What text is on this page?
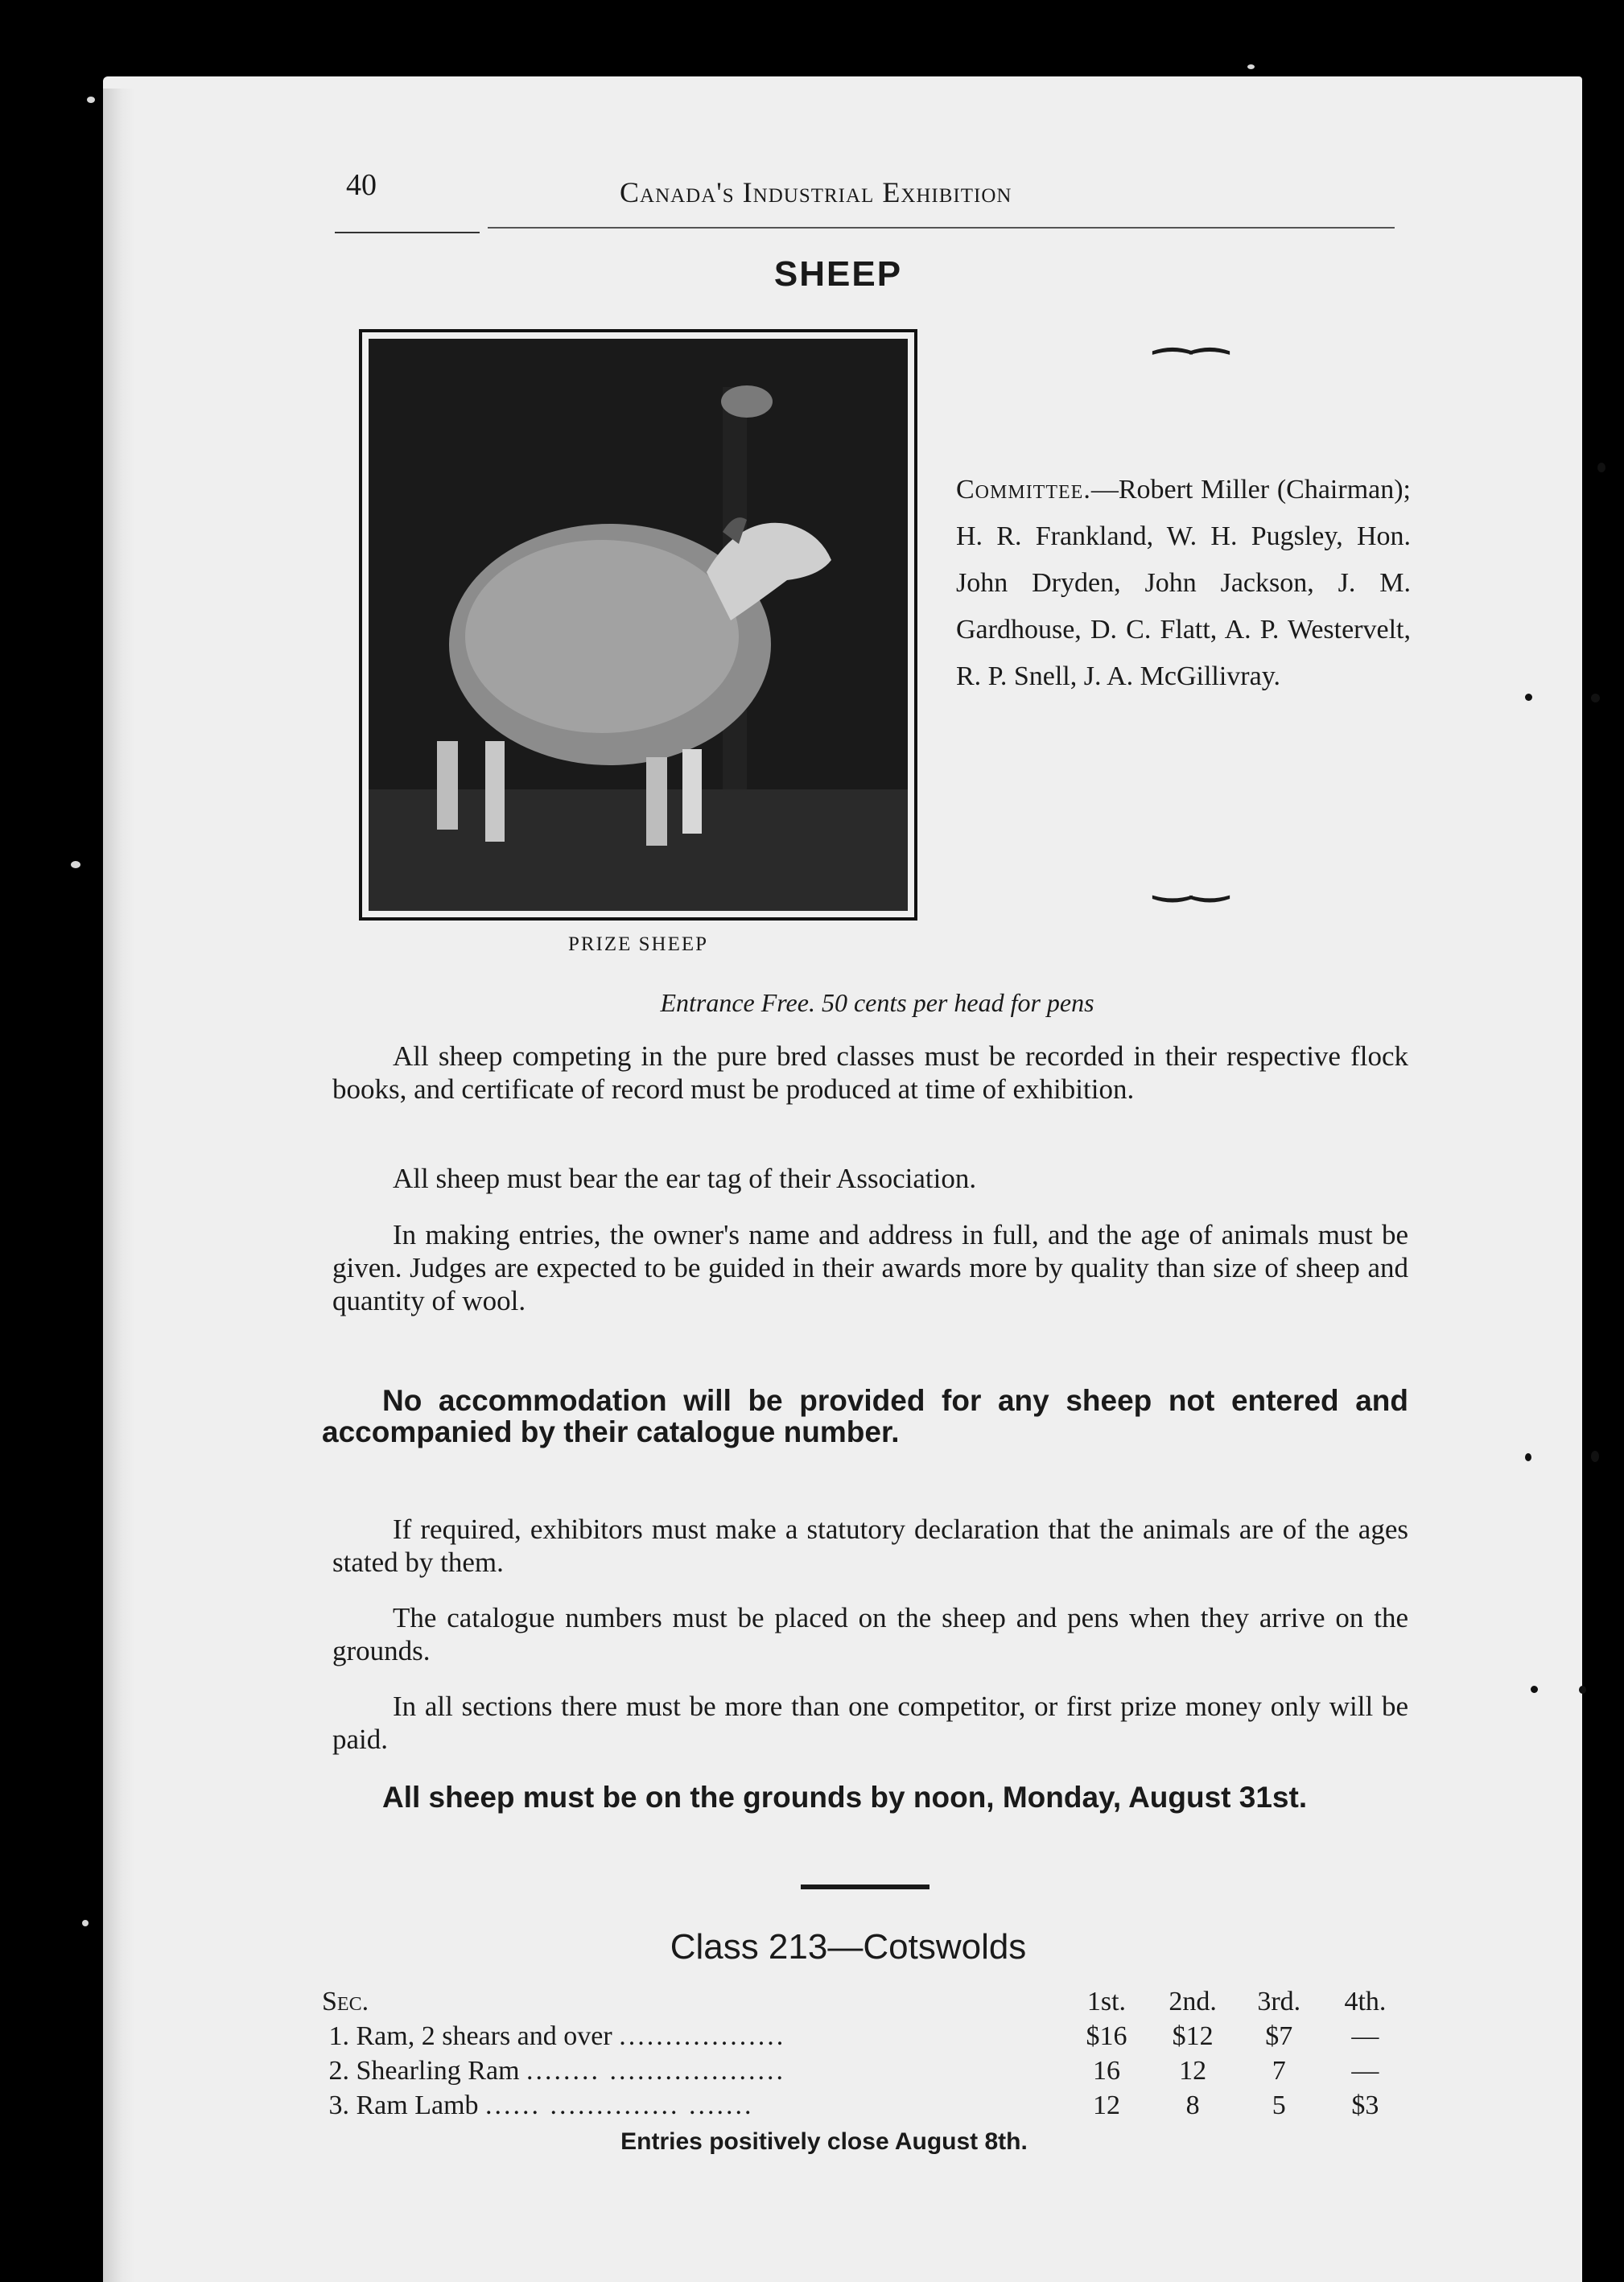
40	Canada's Industrial Exhibition
SHEEP
PRIZE SHEEP
⁀⁀
‿‿
Committee.—Robert Miller (Chairman); H. R. Frankland, W. H. Pugsley, Hon. John Dryden, John Jackson, J. M. Gardhouse, D. C. Flatt, A. P. Westervelt, R. P. Snell, J. A. McGillivray.
Entrance Free. 50 cents per head for pens
All sheep competing in the pure bred classes must be recorded in their respective flock books, and certificate of record must be produced at time of exhibition.
All sheep must bear the ear tag of their Association.
In making entries, the owner's name and address in full, and the age of animals must be given. Judges are expected to be guided in their awards more by quality than size of sheep and quantity of wool.
No accommodation will be provided for any sheep not entered and accompanied by their catalogue number.
If required, exhibitors must make a statutory declaration that the animals are of the ages stated by them.
The catalogue numbers must be placed on the sheep and pens when they arrive on the grounds.
In all sections there must be more than one competitor, or first prize money only will be paid.
All sheep must be on the grounds by noon, Monday, August 31st.
Class 213—Cotswolds
Sec.	1st.	2nd.	3rd.	4th.
1. Ram, 2 shears and over ..................	$16	$12	$7	—
2. Shearling Ram ........ ...................	16	12	7	—
3. Ram Lamb ...... .............. .......	12	8	5	$3
Entries positively close August 8th.
